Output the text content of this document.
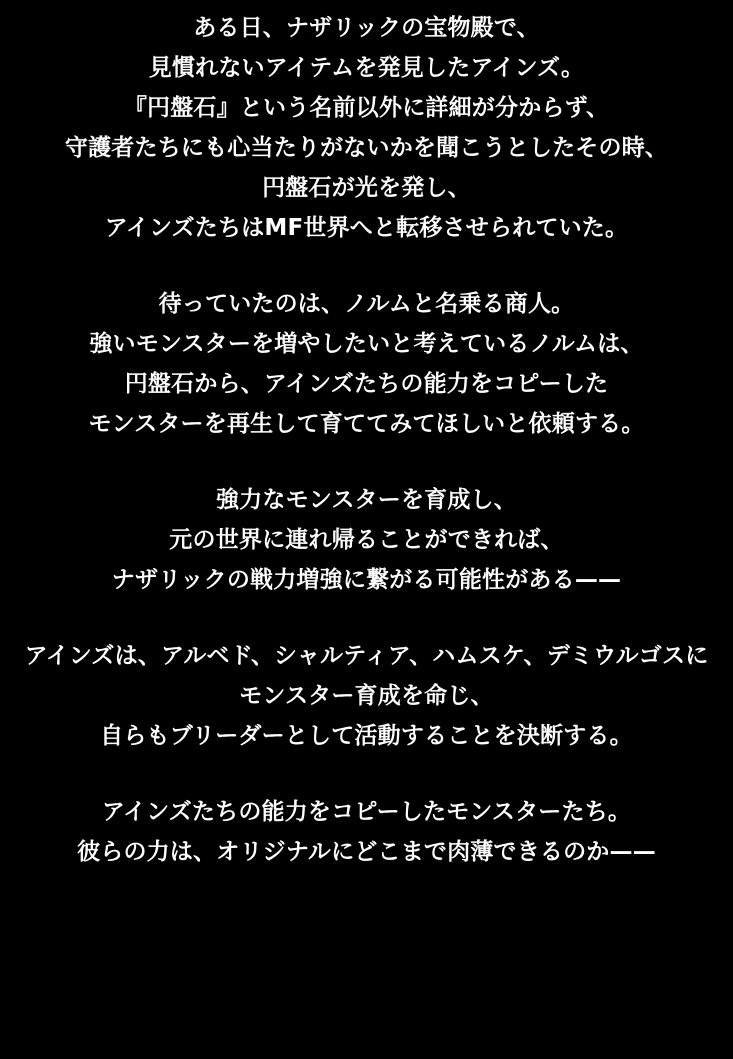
ある日、ナザリックの宝物殿で、
見慣れないアイテムを発見したアインズ。
『円盤石』という名前以外に詳細が分からず、
守護者たちにも心当たりがないかを聞こうとしたその時、
円盤石が光を発し、
アインズたちはMF世界へと転移させられていた。
待っていたのは、ノルムと名乗る商人。
強いモンスターを増やしたいと考えているノルムは、
円盤石から、アインズたちの能力をコピーした
モンスターを再生して育ててみてほしいと依頼する。
強力なモンスターを育成し、
元の世界に連れ帰ることができれば、
ナザリックの戦力増強に繋がる可能性がある——
アインズは、アルベド、シャルティア、ハムスケ、デミウルゴスに
モンスター育成を命じ、
自らもブリーダーとして活動することを決断する。
アインズたちの能力をコピーしたモンスターたち。
彼らの力は、オリジナルにどこまで肉薄できるのか——
